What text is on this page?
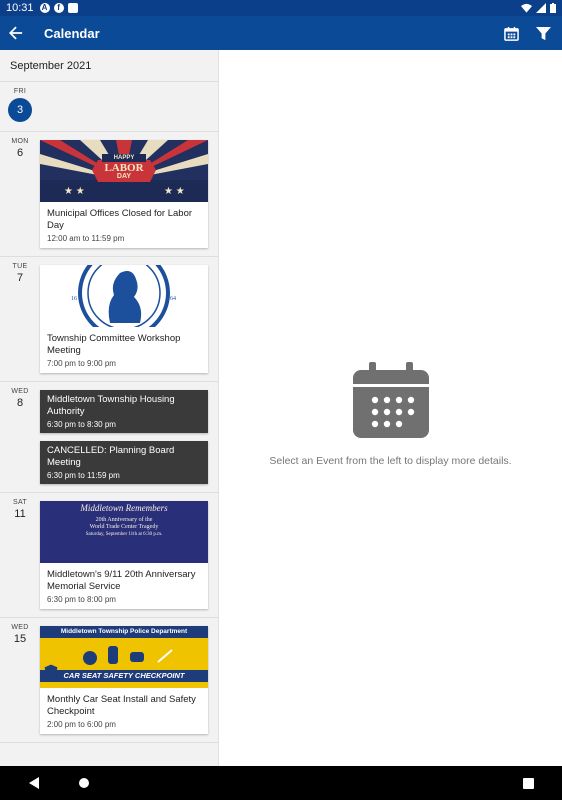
10:31 A	f
Calendar
September 2021
FRI
3
MON
6
★ ★	★ ★
HAPPY
LABOR
DAY
Municipal Offices Closed for Labor Day
12:00 am to 11:59 pm
TUE
7
16	64
Township Committee Workshop Meeting
7:00 pm to 9:00 pm
WED
8	Middletown Township Housing Authority
6:30 pm to 8:30 pm
CANCELLED: Planning Board Meeting
6:30 pm to 11:59 pm
SAT
11	Middletown Remembers
20th Anniversary of the
World Trade Center Tragedy
Saturday, September 11th at 6:30 p.m.
Middletown's 9/11 20th Anniversary Memorial Service
6:30 pm to 8:00 pm
WED
15
Middletown Township Police Department
CAR SEAT SAFETY CHECKPOINT
Monthly Car Seat Install and Safety Checkpoint
2:00 pm to 6:00 pm
Select an Event from the left to display more details.
